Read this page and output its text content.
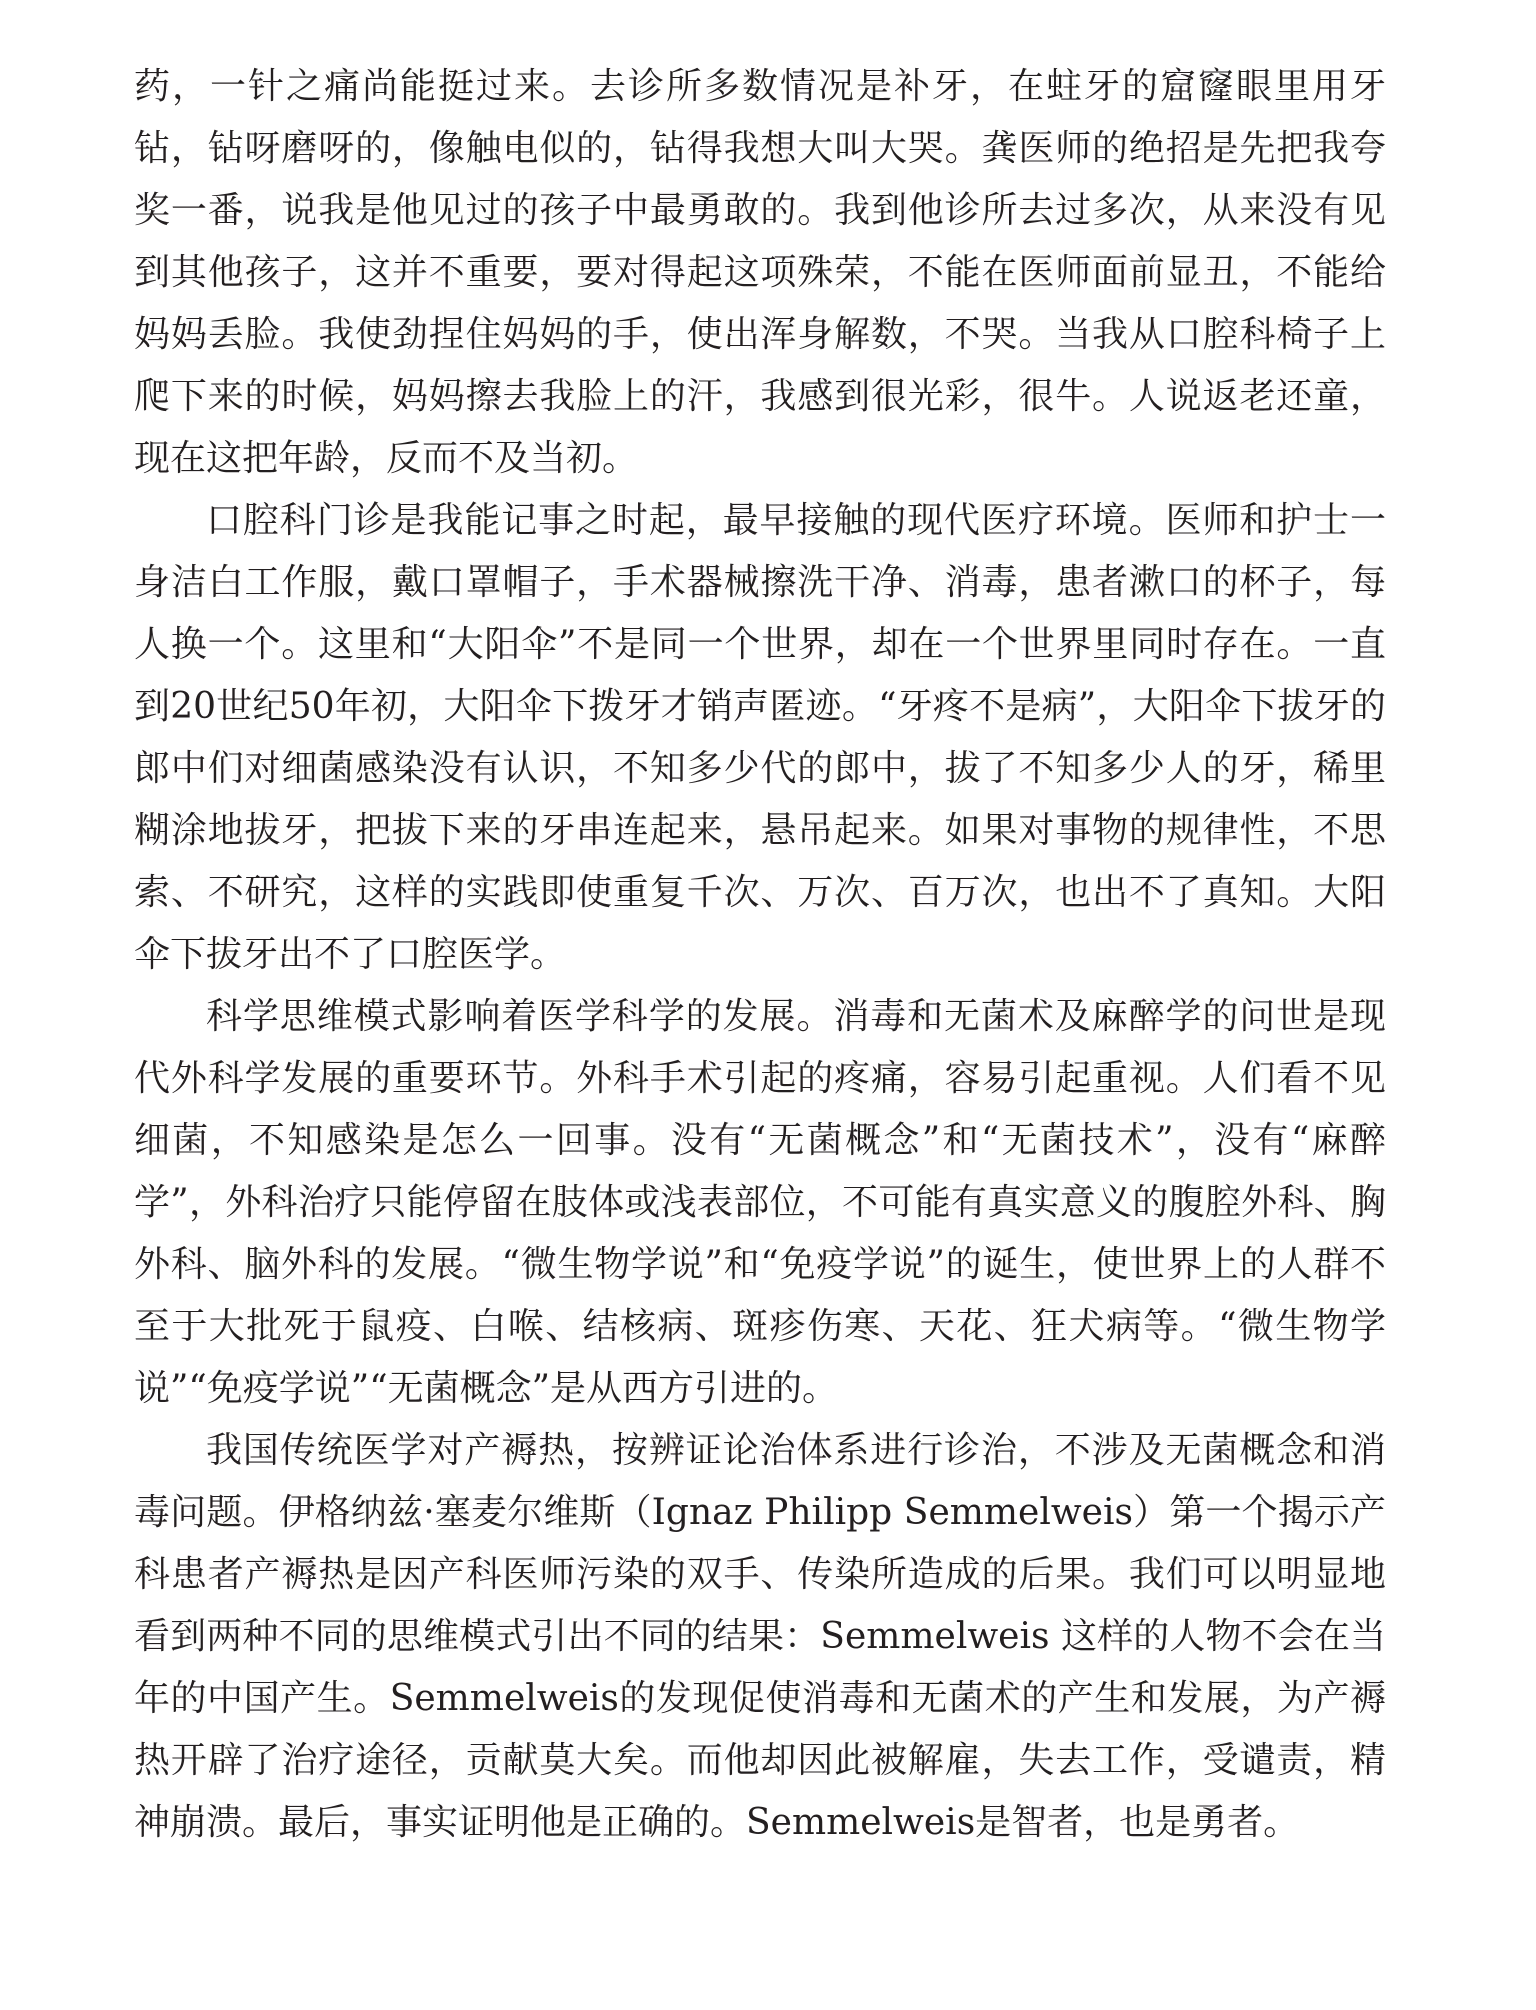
药，一针之痛尚能挺过来。去诊所多数情况是补牙，在蛀牙的窟窿眼里用牙钻，钻呀磨呀的，像触电似的，钻得我想大叫大哭。龚医师的绝招是先把我夸奖一番，说我是他见过的孩子中最勇敢的。我到他诊所去过多次，从来没有见到其他孩子，这并不重要，要对得起这项殊荣，不能在医师面前显丑，不能给妈妈丢脸。我使劲捏住妈妈的手，使出浑身解数，不哭。当我从口腔科椅子上爬下来的时候，妈妈擦去我脸上的汗，我感到很光彩，很牛。人说返老还童，现在这把年龄，反而不及当初。

口腔科门诊是我能记事之时起，最早接触的现代医疗环境。医师和护士一身洁白工作服，戴口罩帽子，手术器械擦洗干净、消毒，患者漱口的杯子，每人换一个。这里和“大阳伞”不是同一个世界，却在一个世界里同时存在。一直到20世纪50年初，大阳伞下拨牙才销声匿迹。“牙疼不是病”，大阳伞下拔牙的郎中们对细菌感染没有认识，不知多少代的郎中，拔了不知多少人的牙，稀里糊涂地拔牙，把拔下来的牙串连起来，悬吊起来。如果对事物的规律性，不思索、不研究，这样的实践即使重复千次、万次、百万次，也出不了真知。大阳伞下拔牙出不了口腔医学。

科学思维模式影响着医学科学的发展。消毒和无菌术及麻醉学的问世是现代外科学发展的重要环节。外科手术引起的疼痛，容易引起重视。人们看不见细菌，不知感染是怎么一回事。没有“无菌概念”和“无菌技术”，没有“麻醉学”，外科治疗只能停留在肢体或浅表部位，不可能有真实意义的腹腔外科、胸外科、脑外科的发展。“微生物学说”和“免疫学说”的诞生，使世界上的人群不至于大批死于鼠疫、白喉、结核病、斑疹伤寒、天花、狂犬病等。“微生物学说”“免疫学说”“无菌概念”是从西方引进的。

我国传统医学对产褥热，按辨证论治体系进行诊治，不涉及无菌概念和消毒问题。伊格纳兹·塞麦尔维斯（Ignaz Philipp Semmelweis）第一个揭示产科患者产褥热是因产科医师污染的双手、传染所造成的后果。我们可以明显地看到两种不同的思维模式引出不同的结果：Semmelweis 这样的人物不会在当年的中国产生。Semmelweis的发现促使消毒和无菌术的产生和发展，为产褥热开辟了治疗途径，贡献莫大矣。而他却因此被解雇，失去工作，受谴责，精神崩溃。最后，事实证明他是正确的。Semmelweis是智者，也是勇者。
